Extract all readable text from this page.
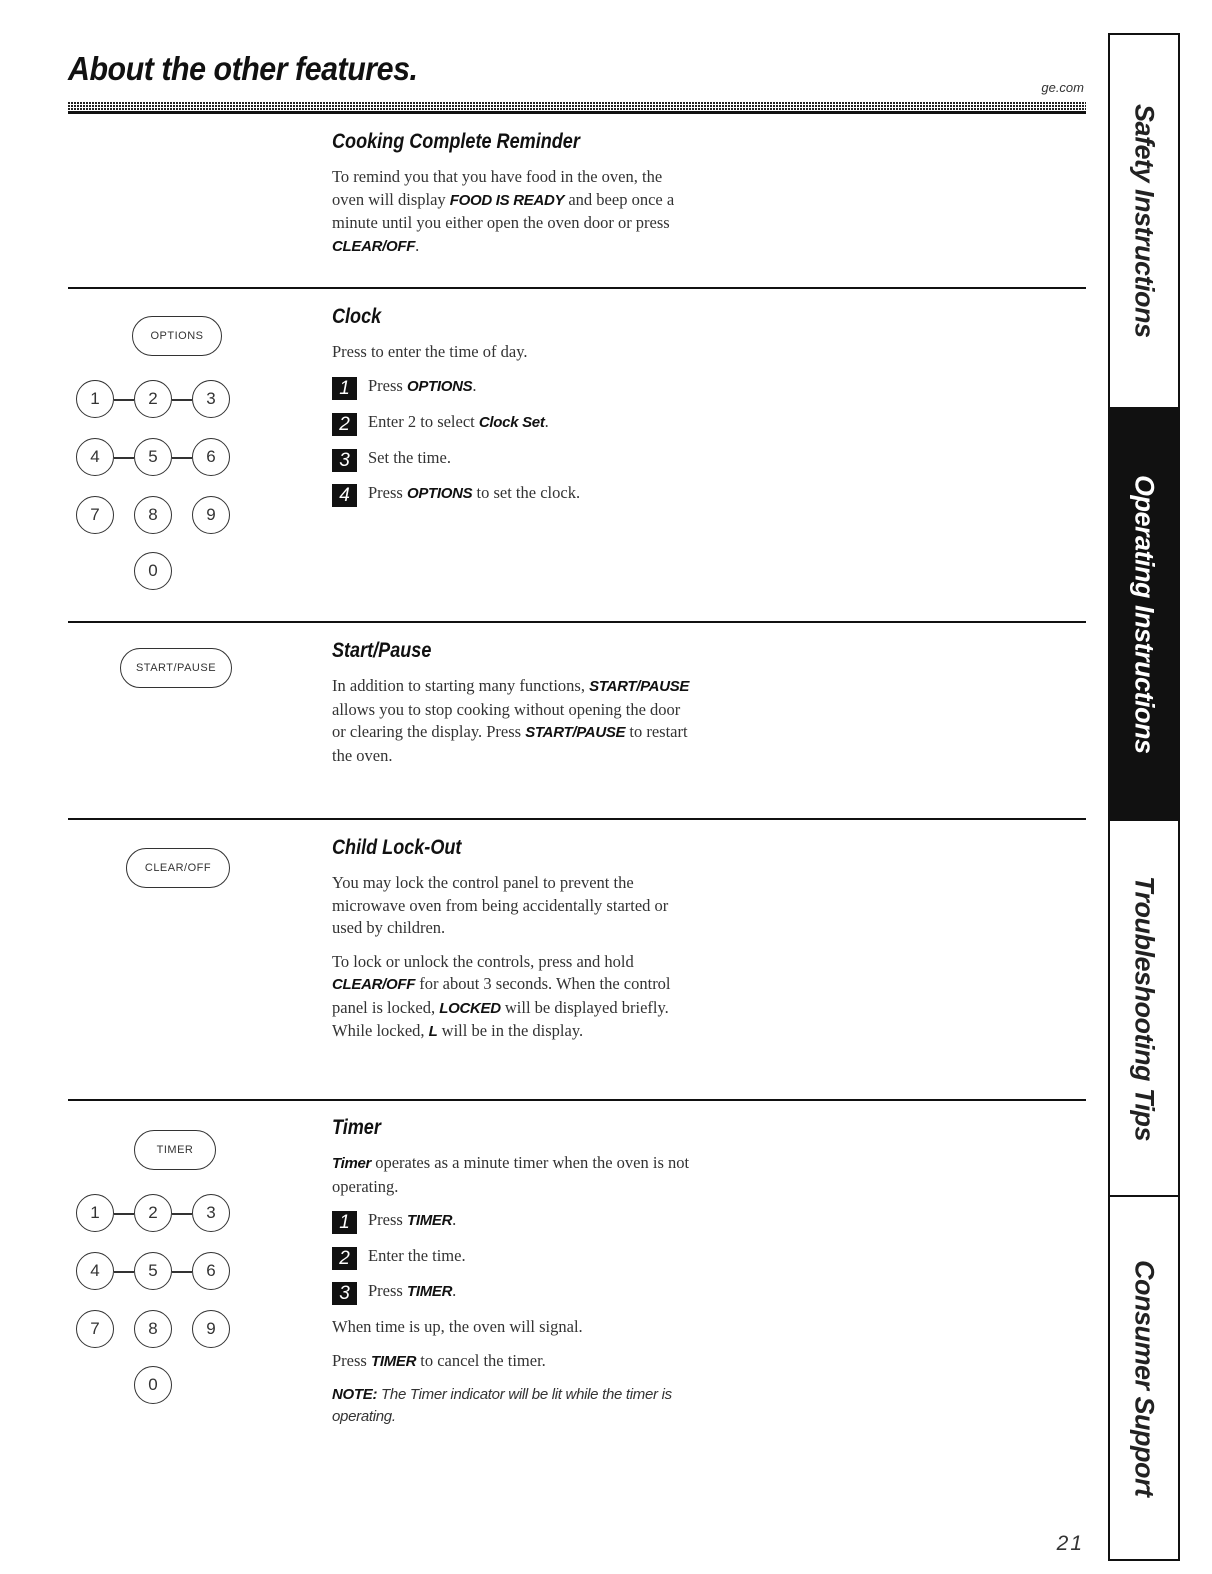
About the other features.
ge.com
Cooking Complete Reminder

To remind you that you have food in the oven, the oven will display FOOD IS READY and beep once a minute until you either open the oven door or press CLEAR/OFF.

OPTIONS
1	2	3
4	5	6
7	8	9
0
Clock

Press to enter the time of day.

1	Press OPTIONS.
2	Enter 2 to select Clock Set.
3	Set the time.
4	Press OPTIONS to set the clock.
START/PAUSE
Start/Pause

In addition to starting many functions, START/PAUSE allows you to stop cooking without opening the door or clearing the display. Press START/PAUSE to restart the oven.

CLEAR/OFF
Child Lock-Out

You may lock the control panel to prevent the microwave oven from being accidentally started or used by children.

To lock or unlock the controls, press and hold CLEAR/OFF for about 3 seconds. When the control panel is locked, LOCKED will be displayed briefly. While locked, L will be in the display.

TIMER
1	2	3
4	5	6
7	8	9
0
Timer

Timer operates as a minute timer when the oven is not operating.

1	Press TIMER.
2	Enter the time.
3	Press TIMER.

When time is up, the oven will signal.

Press TIMER to cancel the timer.

NOTE: The Timer indicator will be lit while the timer is operating.
Safety Instructions
Operating Instructions
Troubleshooting Tips
Consumer Support
21
